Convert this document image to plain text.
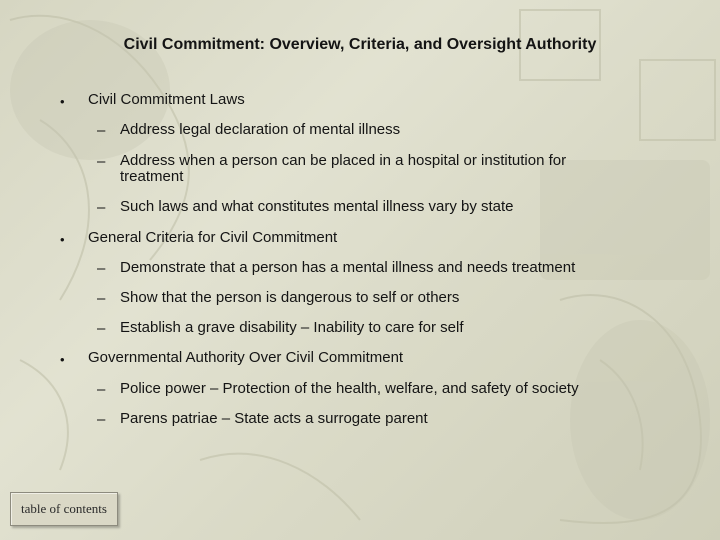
Civil Commitment: Overview, Criteria, and Oversight Authority
• Civil Commitment Laws
– Address legal declaration of mental illness
– Address when a person can be placed in a hospital or institution for
treatment
– Such laws and what constitutes mental illness vary by state
• General Criteria for Civil Commitment
– Demonstrate that a person has a mental illness and needs treatment
– Show that the person is dangerous to self or others
– Establish a grave disability – Inability to care for self
• Governmental Authority Over Civil Commitment
– Police power – Protection of the health, welfare, and safety of society
– Parens patriae – State acts a surrogate parent
table of contents
